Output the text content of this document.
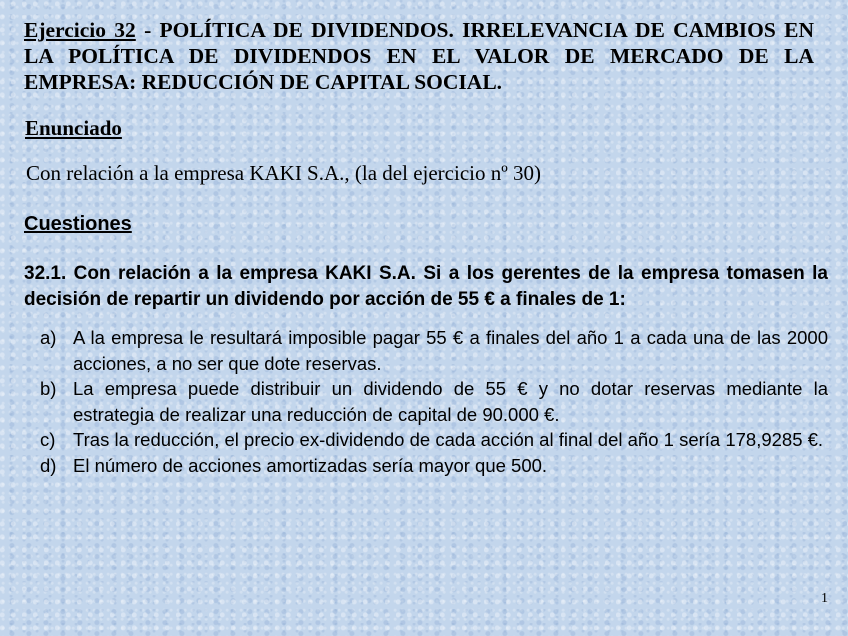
Ejercicio 32 - POLÍTICA DE DIVIDENDOS. IRRELEVANCIA DE CAMBIOS EN LA POLÍTICA DE DIVIDENDOS EN EL VALOR DE MERCADO DE LA EMPRESA: REDUCCIÓN DE CAPITAL SOCIAL.
Enunciado
Con relación a la empresa KAKI S.A., (la del ejercicio nº 30)
Cuestiones
32.1. Con relación a la empresa KAKI S.A. Si a los gerentes de la empresa tomasen la decisión de repartir un dividendo por acción de 55 € a finales de 1:
a) A la empresa le resultará imposible pagar 55 € a finales del año 1 a cada una de las 2000 acciones, a no ser que dote reservas.
b) La empresa puede distribuir un dividendo de 55 € y no dotar reservas mediante la estrategia de realizar una reducción de capital de 90.000 €.
c) Tras la reducción, el precio ex-dividendo de cada acción al final del año 1 sería 178,9285 €.
d) El número de acciones amortizadas sería mayor que 500.
1
